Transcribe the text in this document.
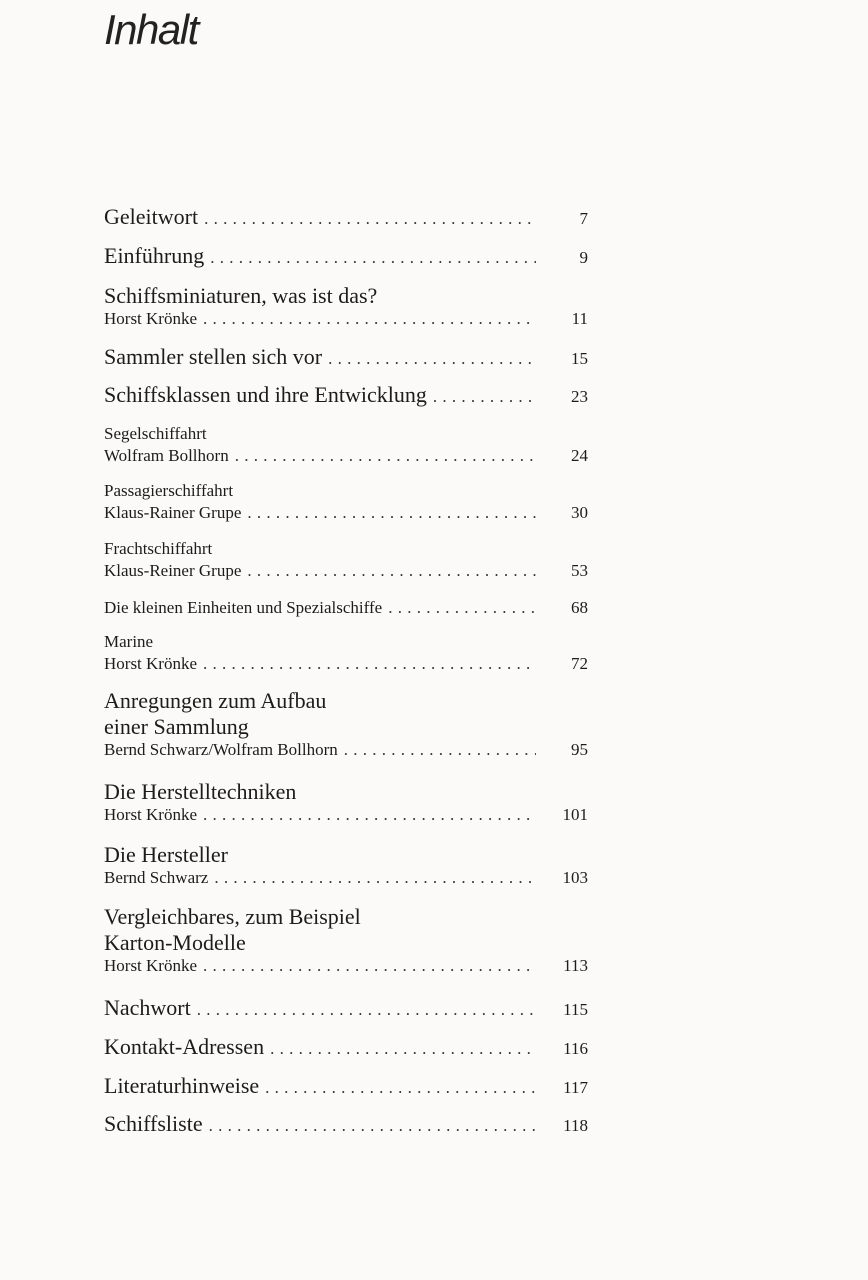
Inhalt
Geleitwort . . .	7
Einführung . . .	9
Schiffsminiaturen, was ist das?
Horst Krönke . . .	11
Sammler stellen sich vor . . .	15
Schiffsklassen und ihre Entwicklung . . .	23
Segelschiffahrt
Wolfram Bollhorn . . .	24
Passagierschiffahrt
Klaus-Rainer Grupe . . .	30
Frachtschiffahrt
Klaus-Reiner Grupe . . .	53
Die kleinen Einheiten und Spezialschiffe . . .	68
Marine
Horst Krönke . . .	72
Anregungen zum Aufbau
einer Sammlung
Bernd Schwarz/Wolfram Bollhorn . . .	95
Die Herstelltechniken
Horst Krönke . . .	101
Die Hersteller
Bernd Schwarz . . .	103
Vergleichbares, zum Beispiel
Karton-Modelle
Horst Krönke . . .	113
Nachwort . . .	115
Kontakt-Adressen . . .	116
Literaturhinweise . . .	117
Schiffsliste . . .	118
